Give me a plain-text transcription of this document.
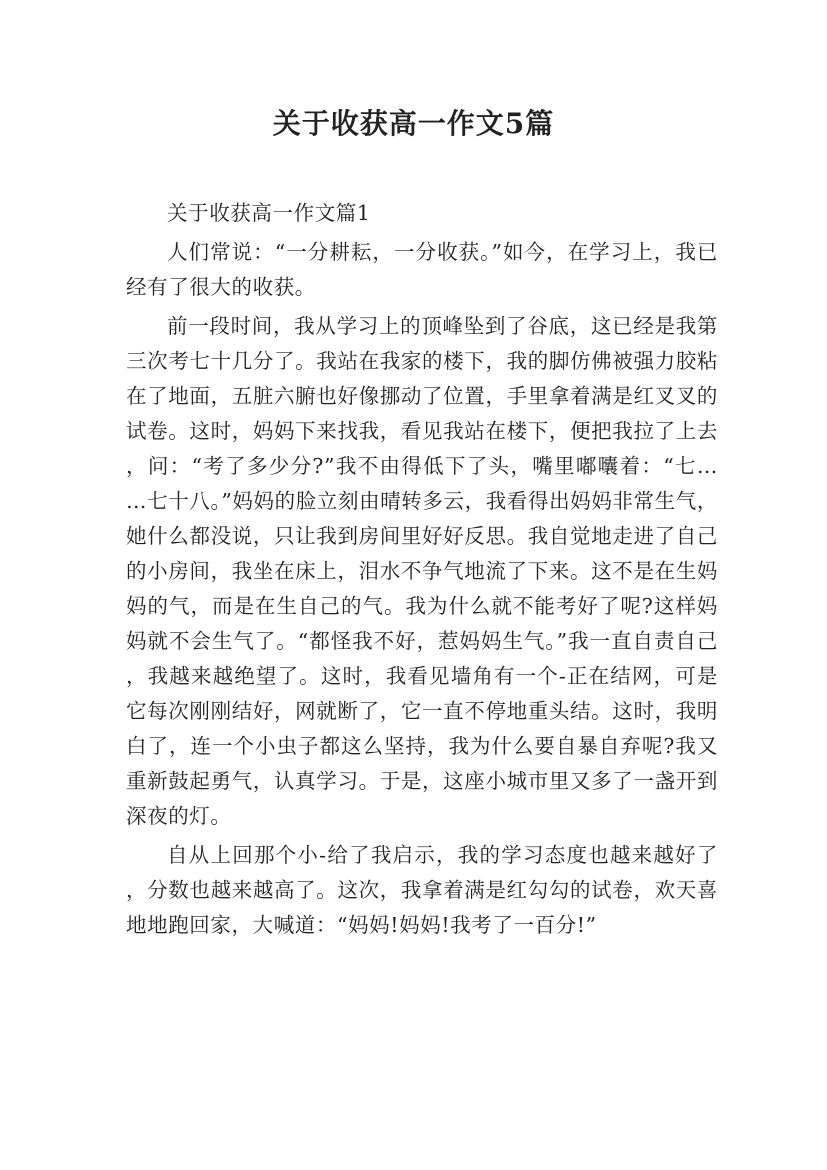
关于收获高一作文5篇

关于收获高一作文篇1

人们常说：“一分耕耘，一分收获。”如今，在学习上，我已经有了很大的收获。

前一段时间，我从学习上的顶峰坠到了谷底，这已经是我第三次考七十几分了。我站在我家的楼下，我的脚仿佛被强力胶粘在了地面，五脏六腑也好像挪动了位置，手里拿着满是红叉叉的试卷。这时，妈妈下来找我，看见我站在楼下，便把我拉了上去，问：“考了多少分?”我不由得低下了头，嘴里嘟囔着：“七……七十八。”妈妈的脸立刻由晴转多云，我看得出妈妈非常生气，她什么都没说，只让我到房间里好好反思。我自觉地走进了自己的小房间，我坐在床上，泪水不争气地流了下来。这不是在生妈妈的气，而是在生自己的气。我为什么就不能考好了呢?这样妈妈就不会生气了。“都怪我不好，惹妈妈生气。”我一直自责自己，我越来越绝望了。这时，我看见墙角有一个-正在结网，可是它每次刚刚结好，网就断了，它一直不停地重头结。这时，我明白了，连一个小虫子都这么坚持，我为什么要自暴自弃呢?我又重新鼓起勇气，认真学习。于是，这座小城市里又多了一盏开到深夜的灯。

自从上回那个小-给了我启示，我的学习态度也越来越好了，分数也越来越高了。这次，我拿着满是红勾勾的试卷，欢天喜地地跑回家，大喊道：“妈妈!妈妈!我考了一百分!”
